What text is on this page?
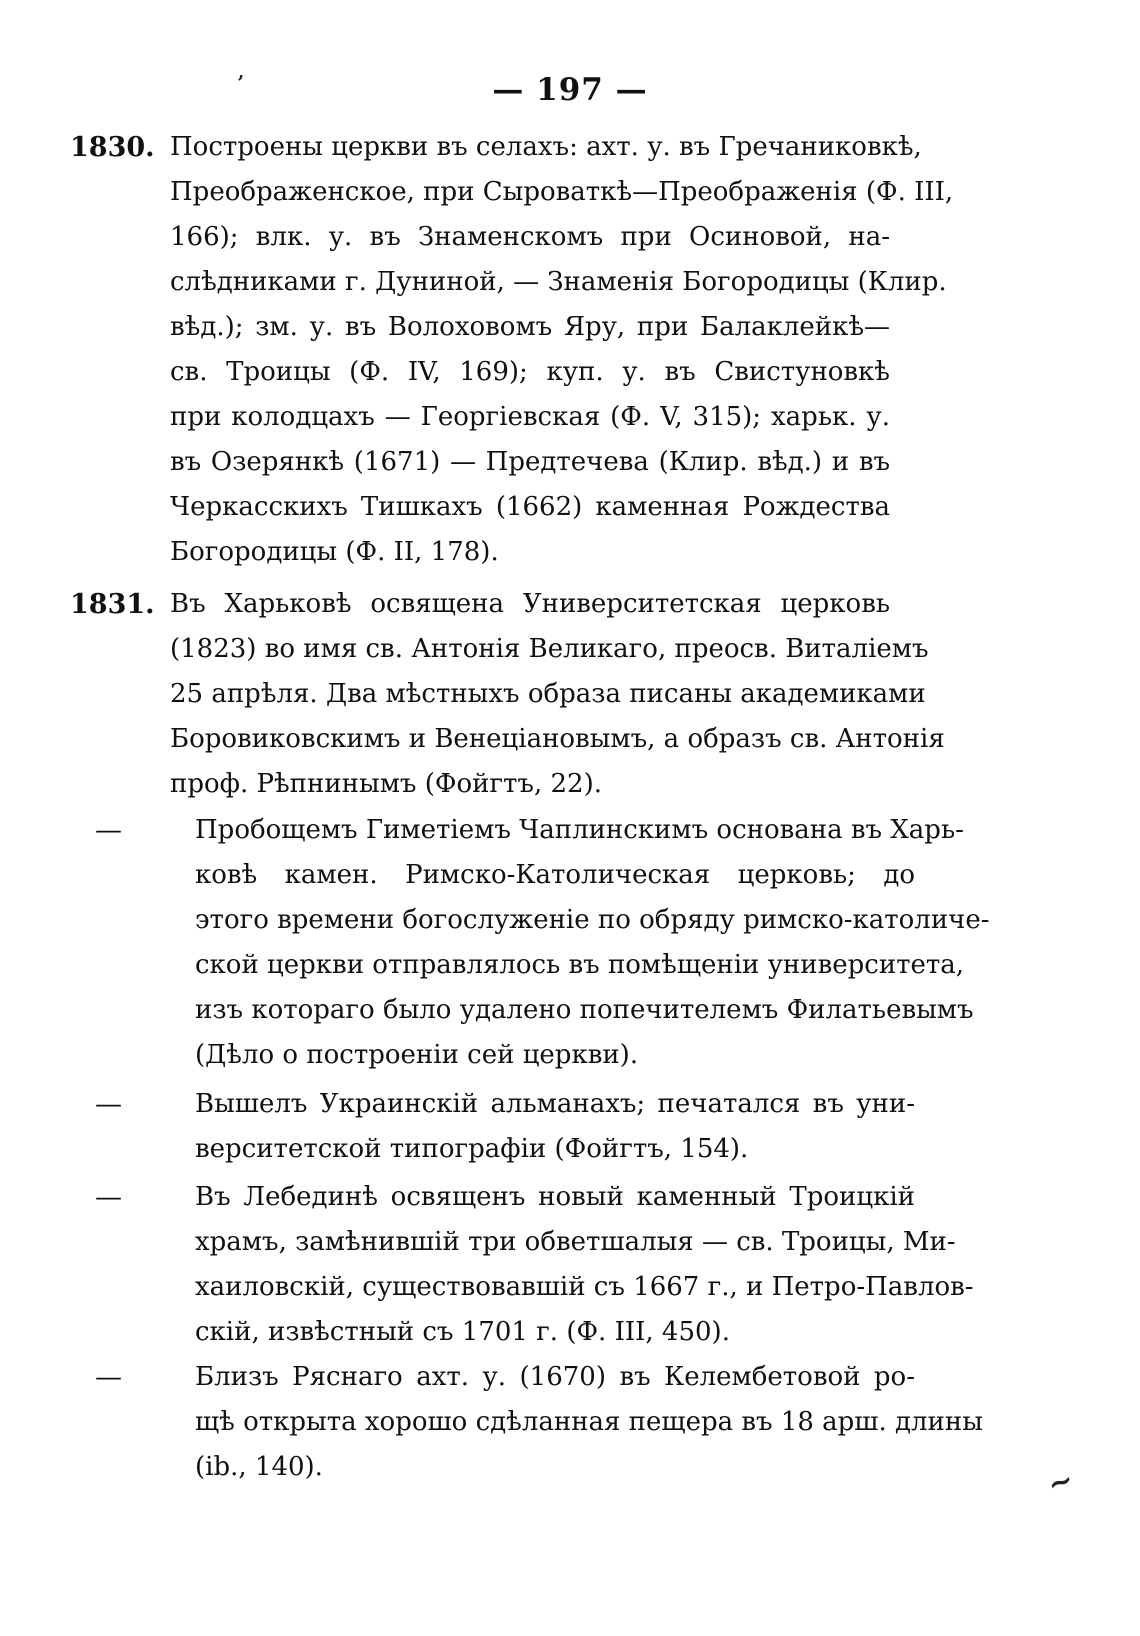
— 197 —
1830. Построены церкви въ селахъ: ахт. у. въ Гречаниковкѣ,
Преображенское, при Сыроваткѣ—Преображенія (Ф. III,
166); влк. у. въ Знаменскомъ при Осиновой, на-
слѣдниками г. Дуниной, — Знаменія Богородицы (Клир.
вѣд.); зм. у. въ Волоховомъ Яру, при Балаклейкѣ—
св. Троицы (Ф. IV, 169); куп. у. въ Свистуновкѣ
при колодцахъ — Георгіевская (Ф. V, 315); харьк. у.
въ Озерянкѣ (1671) — Предтечева (Клир. вѣд.) и въ
Черкасскихъ Тишкахъ (1662) каменная Рождества
Богородицы (Ф. II, 178).
1831. Въ Харьковѣ освящена Университетская церковь
(1823) во имя св. Антонія Великаго, преосв. Виталіемъ
25 апрѣля. Два мѣстныхъ образа писаны академиками
Боровиковскимъ и Венеціановымъ, а образъ св. Антонія
проф. Рѣпнинымъ (Фойгтъ, 22).
—	Пробощемъ Гиметіемъ Чаплинскимъ основана въ Харь-
ковѣ камен. Римско-Католическая церковь; до
этого времени богослуженіе по обряду римско-католиче-
ской церкви отправлялось въ помѣщеніи университета,
изъ котораго было удалено попечителемъ Филатьевымъ
(Дѣло о построеніи сей церкви).
—	Вышелъ Украинскій альманахъ; печатался въ уни-
верситетской типографіи (Фойгтъ, 154).
—	Въ Лебединѣ освященъ новый каменный Троицкій
храмъ, замѣнившій три обветшалыя — св. Троицы, Ми-
хаиловскій, существовавшій съ 1667 г., и Петро-Павлов-
скій, извѣстный съ 1701 г. (Ф. III, 450).
—	Близъ Ряснаго ахт. у. (1670) въ Келембетовой ро-
щѣ открыта хорошо сдѣланная пещера въ 18 арш. длины
(ib., 140).
,
~
